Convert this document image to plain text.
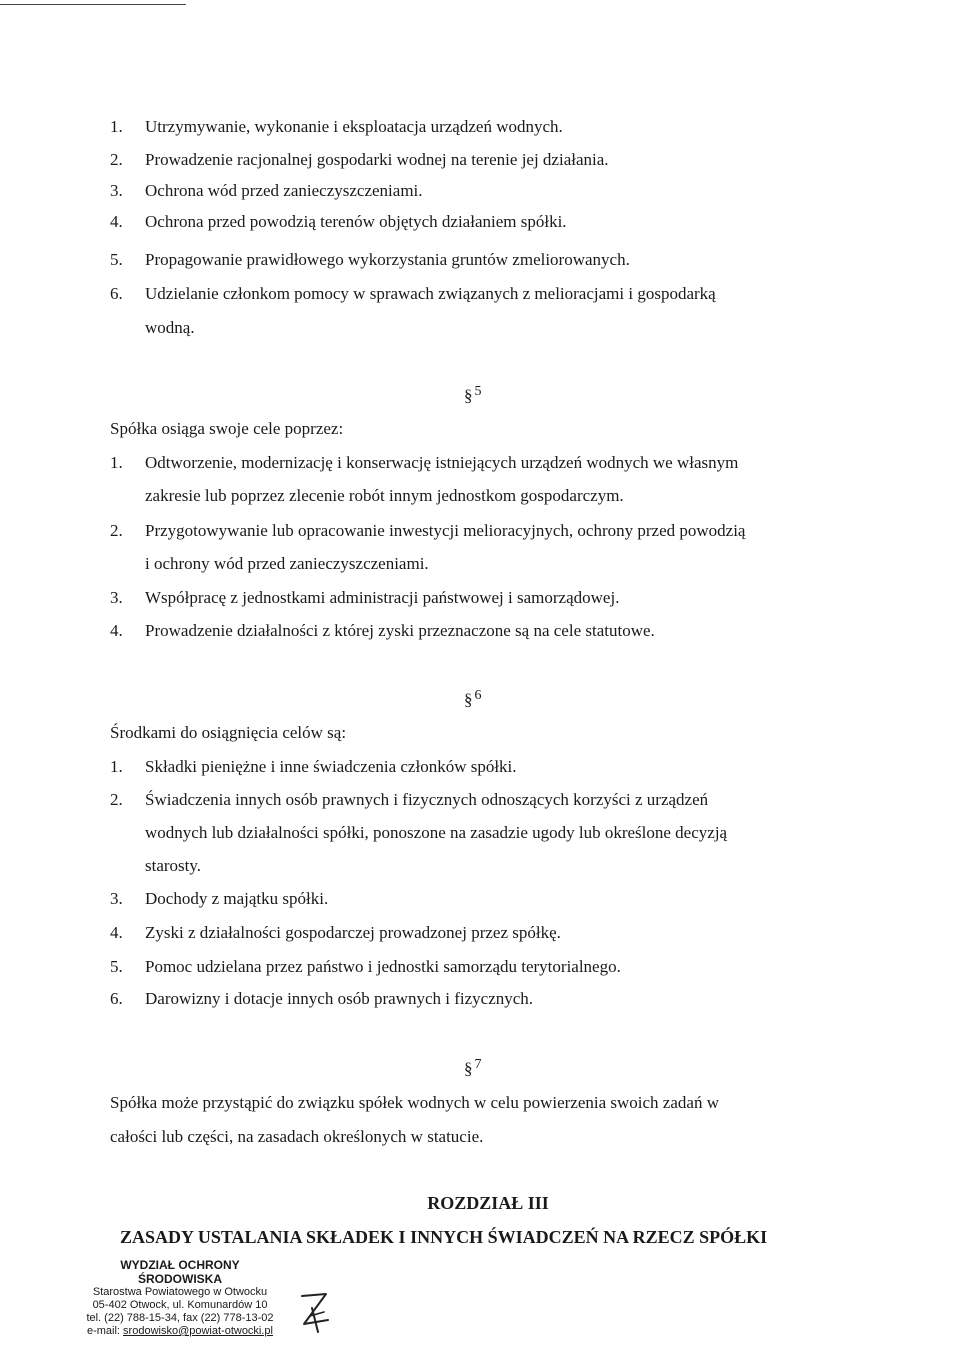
1. Utrzymywanie, wykonanie i eksploatacja urządzeń wodnych.
2. Prowadzenie racjonalnej gospodarki wodnej na terenie jej działania.
3. Ochrona wód przed zanieczyszczeniami.
4. Ochrona przed powodzią terenów objętych działaniem spółki.
5. Propagowanie prawidłowego wykorzystania gruntów zmeliorowanych.
6. Udzielanie członkom pomocy w sprawach związanych z melioracjami i gospodarką
wodną.
§ $^5$
Spółka osiąga swoje cele poprzez:
1. Odtworzenie, modernizację i konserwację istniejących urządzeń wodnych we własnym
zakresie lub poprzez zlecenie robót innym jednostkom gospodarczym.
2. Przygotowywanie lub opracowanie inwestycji melioracyjnych, ochrony przed powodzią
i ochrony wód przed zanieczyszczeniami.
3. Współpracę z jednostkami administracji państwowej i samorządowej.
4. Prowadzenie działalności z której zyski przeznaczone są na cele statutowe.
§ $^6$
Środkami do osiągnięcia celów są:
1. Składki pieniężne i inne świadczenia członków spółki.
2. Świadczenia innych osób prawnych i fizycznych odnoszących korzyści z urządzeń
wodnych lub działalności spółki, ponoszone na zasadzie ugody lub określone decyzją
starosty.
3. Dochody z majątku spółki.
4. Zyski z działalności gospodarczej prowadzonej przez spółkę.
5. Pomoc udzielana przez państwo i jednostki samorządu terytorialnego.
6. Darowizny i dotacje innych osób prawnych i fizycznych.
§ $^7$
Spółka może przystąpić do związku spółek wodnych w celu powierzenia swoich zadań w
całości lub części, na zasadach określonych w statucie.
ROZDZIAŁ III
ZASADY USTALANIA SKŁADEK I INNYCH ŚWIADCZEŃ NA RZECZ SPÓŁKI
WYDZIAŁ OCHRONY
ŚRODOWISKA
Starostwa Powiatowego w Otwocku
05-402 Otwock, ul. Komunardów 10
tel. (22) 788-15-34, fax (22) 778-13-02
e-mail: srodowisko@powiat-otwocki.pl
